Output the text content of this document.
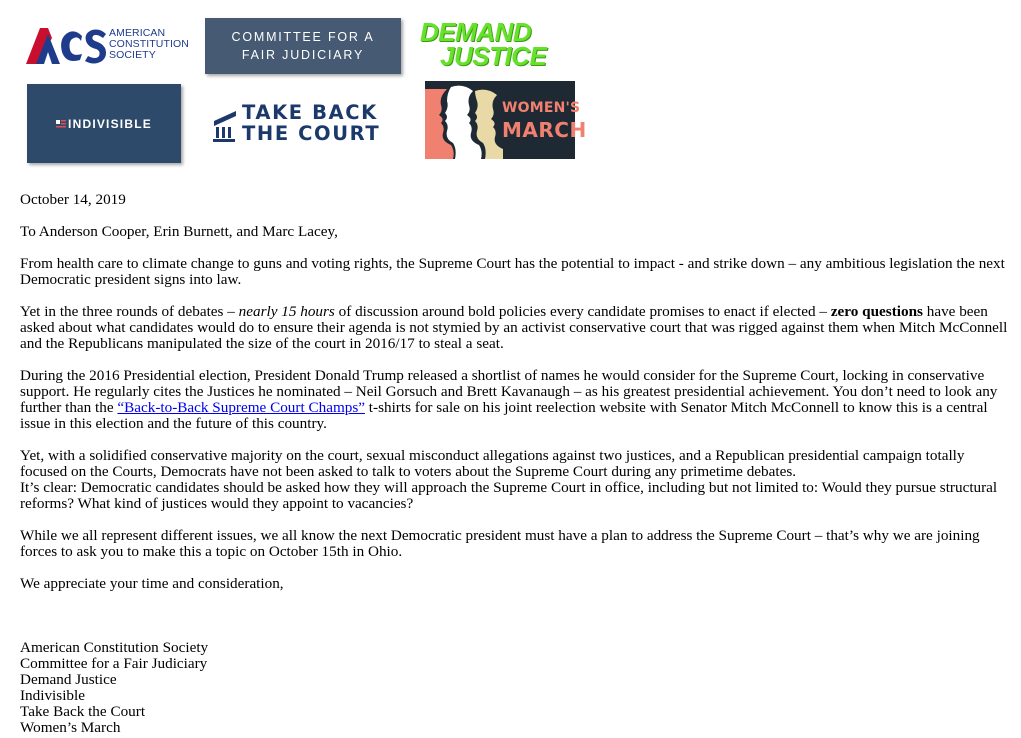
AMERICAN
CONSTITUTION
SOCIETY
COMMITTEE FOR A
FAIR JUDICIARY
DEMAND
JUSTICE
INDIVISIBLE	TAKE BACK
THE COURT
WOMEN'S
MARCH

October 14, 2019

To Anderson Cooper, Erin Burnett, and Marc Lacey,

From health care to climate change to guns and voting rights, the Supreme Court has the potential to impact - and strike down – any ambitious legislation the next Democratic president signs into law.

Yet in the three rounds of debates – nearly 15 hours of discussion around bold policies every candidate promises to enact if elected – zero questions have been asked about what candidates would do to ensure their agenda is not stymied by an activist conservative court that was rigged against them when Mitch McConnell and the Republicans manipulated the size of the court in 2016/17 to steal a seat.

During the 2016 Presidential election, President Donald Trump released a shortlist of names he would consider for the Supreme Court, locking in conservative support. He regularly cites the Justices he nominated – Neil Gorsuch and Brett Kavanaugh – as his greatest presidential achievement. You don’t need to look any further than the “Back-to-Back Supreme Court Champs” t-shirts for sale on his joint reelection website with Senator Mitch McConnell to know this is a central issue in this election and the future of this country.

Yet, with a solidified conservative majority on the court, sexual misconduct allegations against two justices, and a Republican presidential campaign totally focused on the Courts, Democrats have not been asked to talk to voters about the Supreme Court during any primetime debates.
It’s clear: Democratic candidates should be asked how they will approach the Supreme Court in office, including but not limited to: Would they pursue structural reforms? What kind of justices would they appoint to vacancies?

While we all represent different issues, we all know the next Democratic president must have a plan to address the Supreme Court – that’s why we are joining forces to ask you to make this a topic on October 15th in Ohio.

We appreciate your time and consideration,

American Constitution Society
Committee for a Fair Judiciary
Demand Justice
Indivisible
Take Back the Court
Women’s March
